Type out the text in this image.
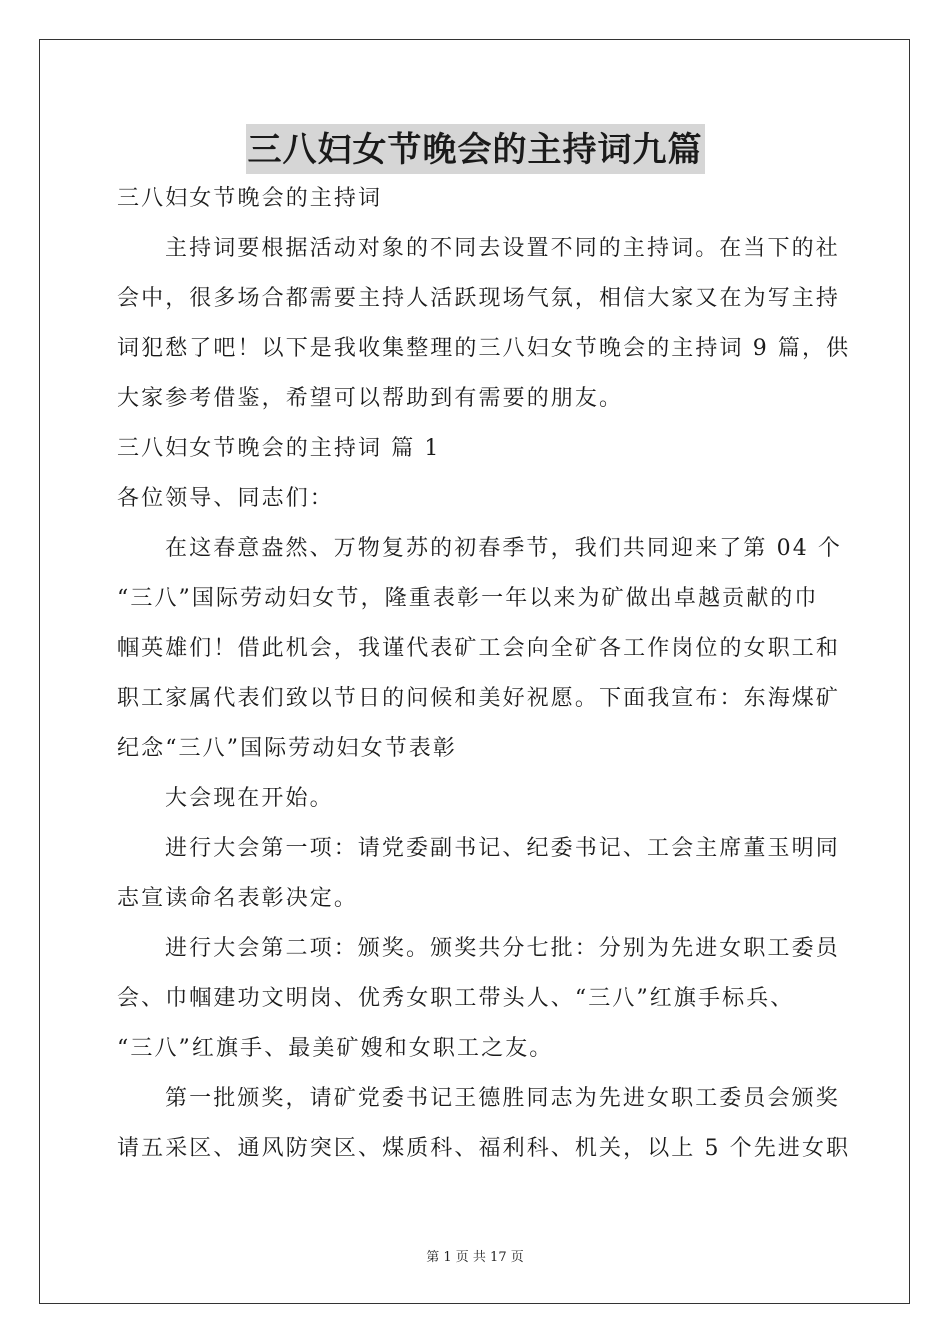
三八妇女节晚会的主持词九篇

三八妇女节晚会的主持词

主持词要根据活动对象的不同去设置不同的主持词。在当下的社

会中，很多场合都需要主持人活跃现场气氛，相信大家又在为写主持

词犯愁了吧！以下是我收集整理的三八妇女节晚会的主持词 9 篇，供

大家参考借鉴，希望可以帮助到有需要的朋友。

三八妇女节晚会的主持词 篇 1

各位领导、同志们：

在这春意盎然、万物复苏的初春季节，我们共同迎来了第 04 个

“三八”国际劳动妇女节，隆重表彰一年以来为矿做出卓越贡献的巾

帼英雄们！借此机会，我谨代表矿工会向全矿各工作岗位的女职工和

职工家属代表们致以节日的问候和美好祝愿。下面我宣布：东海煤矿

纪念“三八”国际劳动妇女节表彰

大会现在开始。

进行大会第一项：请党委副书记、纪委书记、工会主席董玉明同

志宣读命名表彰决定。

进行大会第二项：颁奖。颁奖共分七批：分别为先进女职工委员

会、巾帼建功文明岗、优秀女职工带头人、“三八”红旗手标兵、

“三八”红旗手、最美矿嫂和女职工之友。

第一批颁奖，请矿党委书记王德胜同志为先进女职工委员会颁奖

请五采区、通风防突区、煤质科、福利科、机关，以上 5 个先进女职

第 1 页 共 17 页
